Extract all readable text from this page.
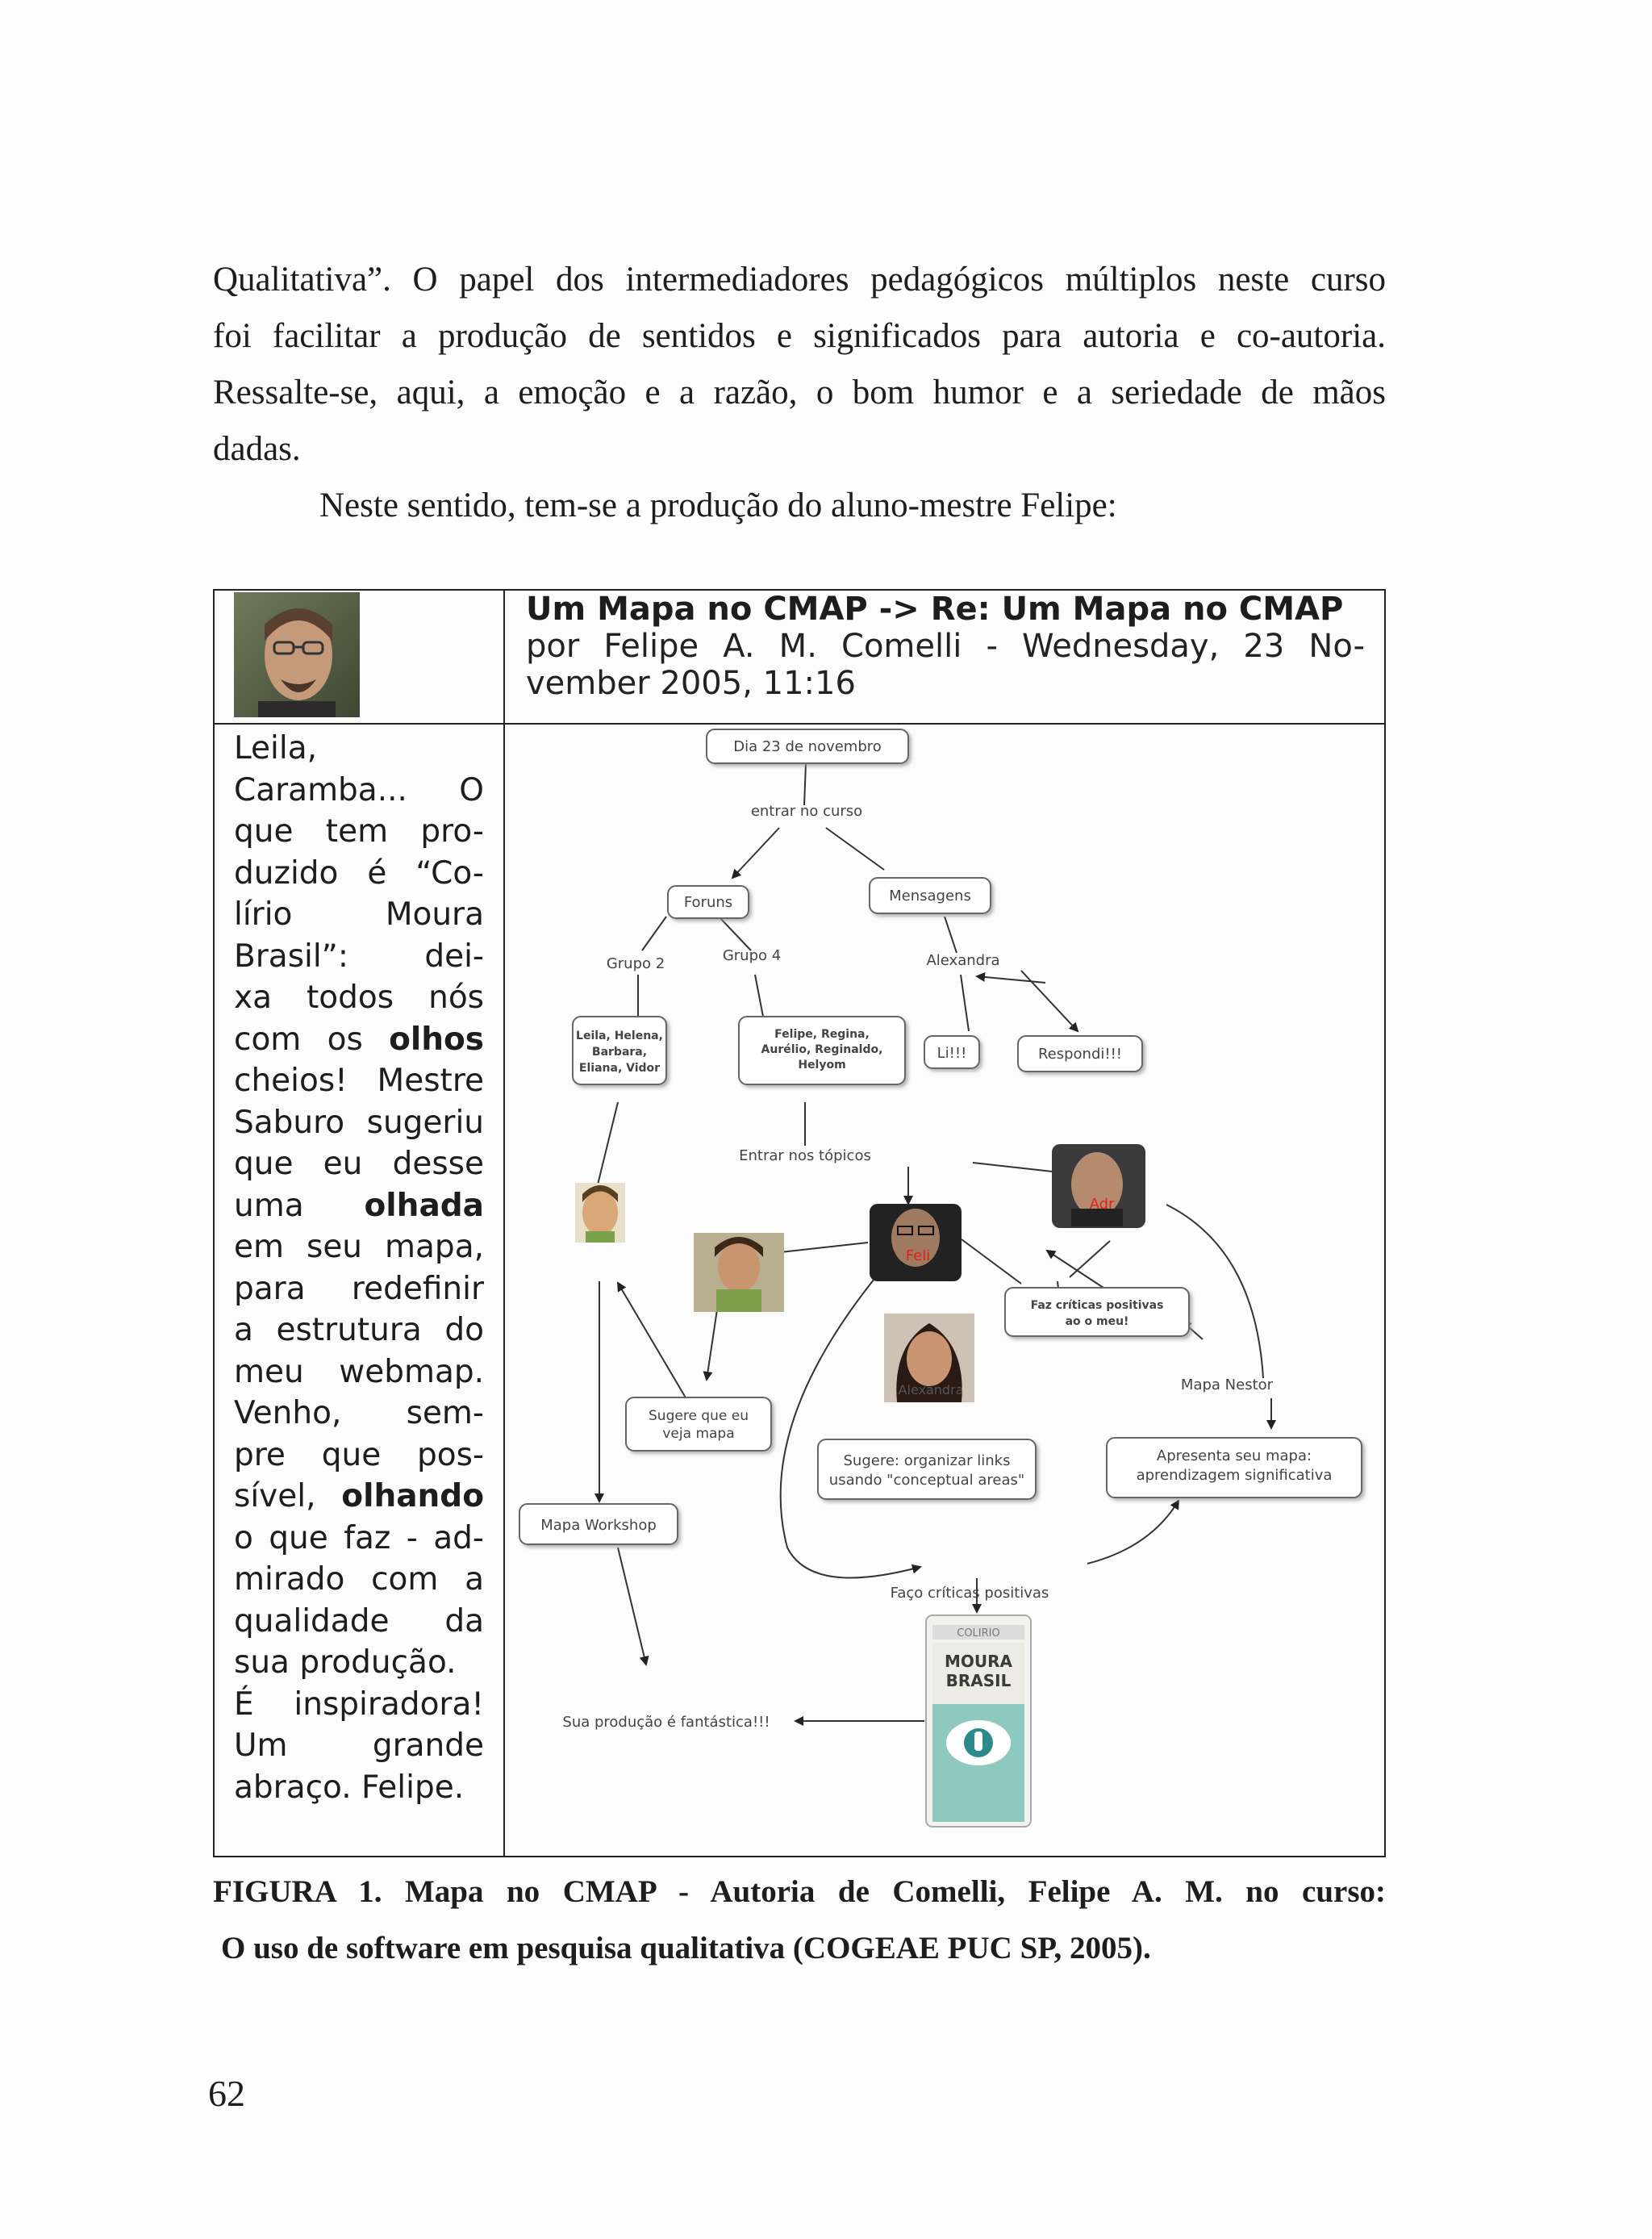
Qualitativa”. O papel dos intermediadores pedagógicos múltiplos neste curso
foi facilitar a produção de sentidos e significados para autoria e co-autoria.
Ressalte-se, aqui, a emoção e a razão, o bom humor e a seriedade de mãos
dadas.
Neste sentido, tem-se a produção do aluno-mestre Felipe:
Um Mapa no CMAP -> Re: Um Mapa no CMAP
por Felipe A. M. Comelli - Wednesday, 23 No-
vember 2005, 11:16
Leila,
Caramba... O
que tem pro-
duzido é “Co-
lírio Moura
Brasil”: dei-
xa todos nós
com os olhos
cheios! Mestre
Saburo sugeriu
que eu desse
uma olhada
em seu mapa,
para redefinir
a estrutura do
meu webmap.
Venho, sem-
pre que pos-
sível, olhando
o que faz - ad-
mirado com a
qualidade da
sua produção.
É inspiradora!
Um grande
abraço. Felipe.
Dia 23 de novembro
entrar no curso
Foruns	Mensagens
Alexandra
Grupo 2	Grupo 4
Leila, Helena,
Barbara,
Eliana, Vidor
Felipe, Regina,
Aurélio, Reginaldo,
Helyom
Li!!!	Respondi!!!
Entrar nos tópicos
Adr
Feli
Alexandra
Faz críticas positivas
ao o meu!
Mapa Nestor
Sugere que eu
veja mapa
Sugere: organizar links
usando "conceptual areas"
Apresenta seu mapa:
aprendizagem significativa
Mapa Workshop
Faço críticas positivas
Sua produção é fantástica!!!
COLIRIO
MOURA
BRASIL
FIGURA 1. Mapa no CMAP - Autoria de Comelli, Felipe A. M. no curso:
O uso de software em pesquisa qualitativa (COGEAE PUC SP, 2005).
62
